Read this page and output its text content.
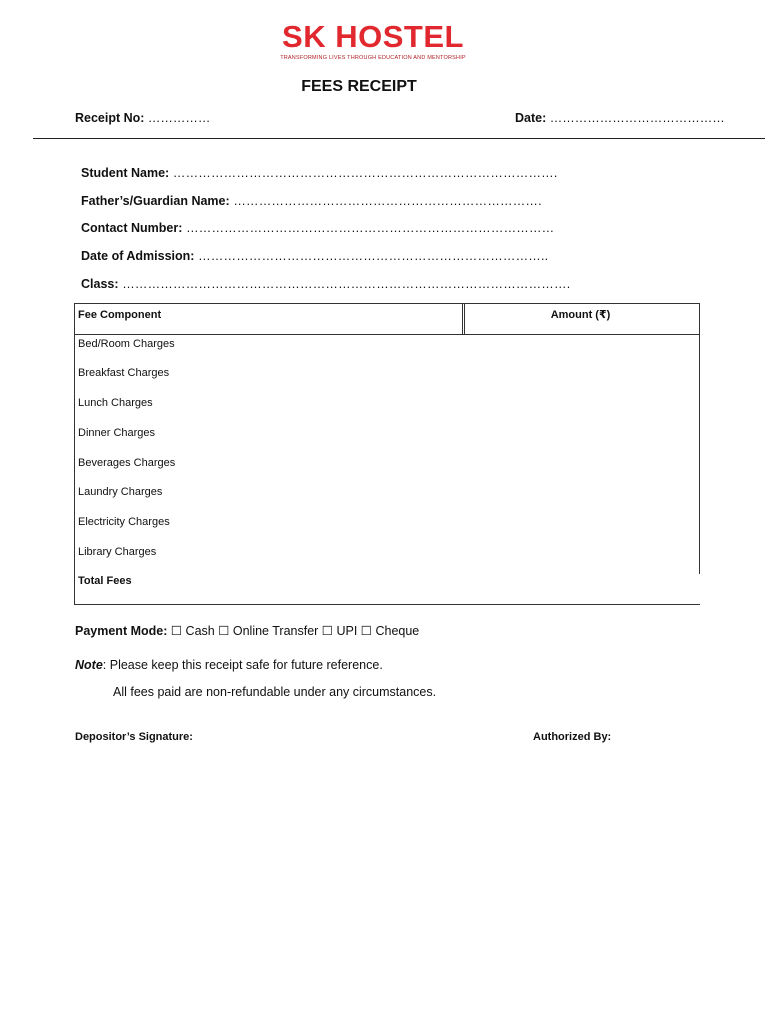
SK HOSTEL
TRANSFORMING LIVES THROUGH EDUCATION AND MENTORSHIP
FEES RECEIPT
Receipt No: ……………	Date: ……………………………………
Student Name: ……………………………………………………………………………….
Father’s/Guardian Name: ……………………………………………………………….
Contact Number: ……………………………………………………………………………
Date of Admission: ………………………………………………………………………..
Class: …………………………………………………………………………………………….
Fee Component	Amount (₹)
Bed/Room Charges
Breakfast Charges
Lunch Charges
Dinner Charges
Beverages Charges
Laundry Charges
Electricity Charges
Library Charges
Total Fees
Payment Mode: ☐ Cash ☐ Online Transfer ☐ UPI ☐ Cheque
Note: Please keep this receipt safe for future reference.
All fees paid are non-refundable under any circumstances.
Depositor’s Signature:	Authorized By:
